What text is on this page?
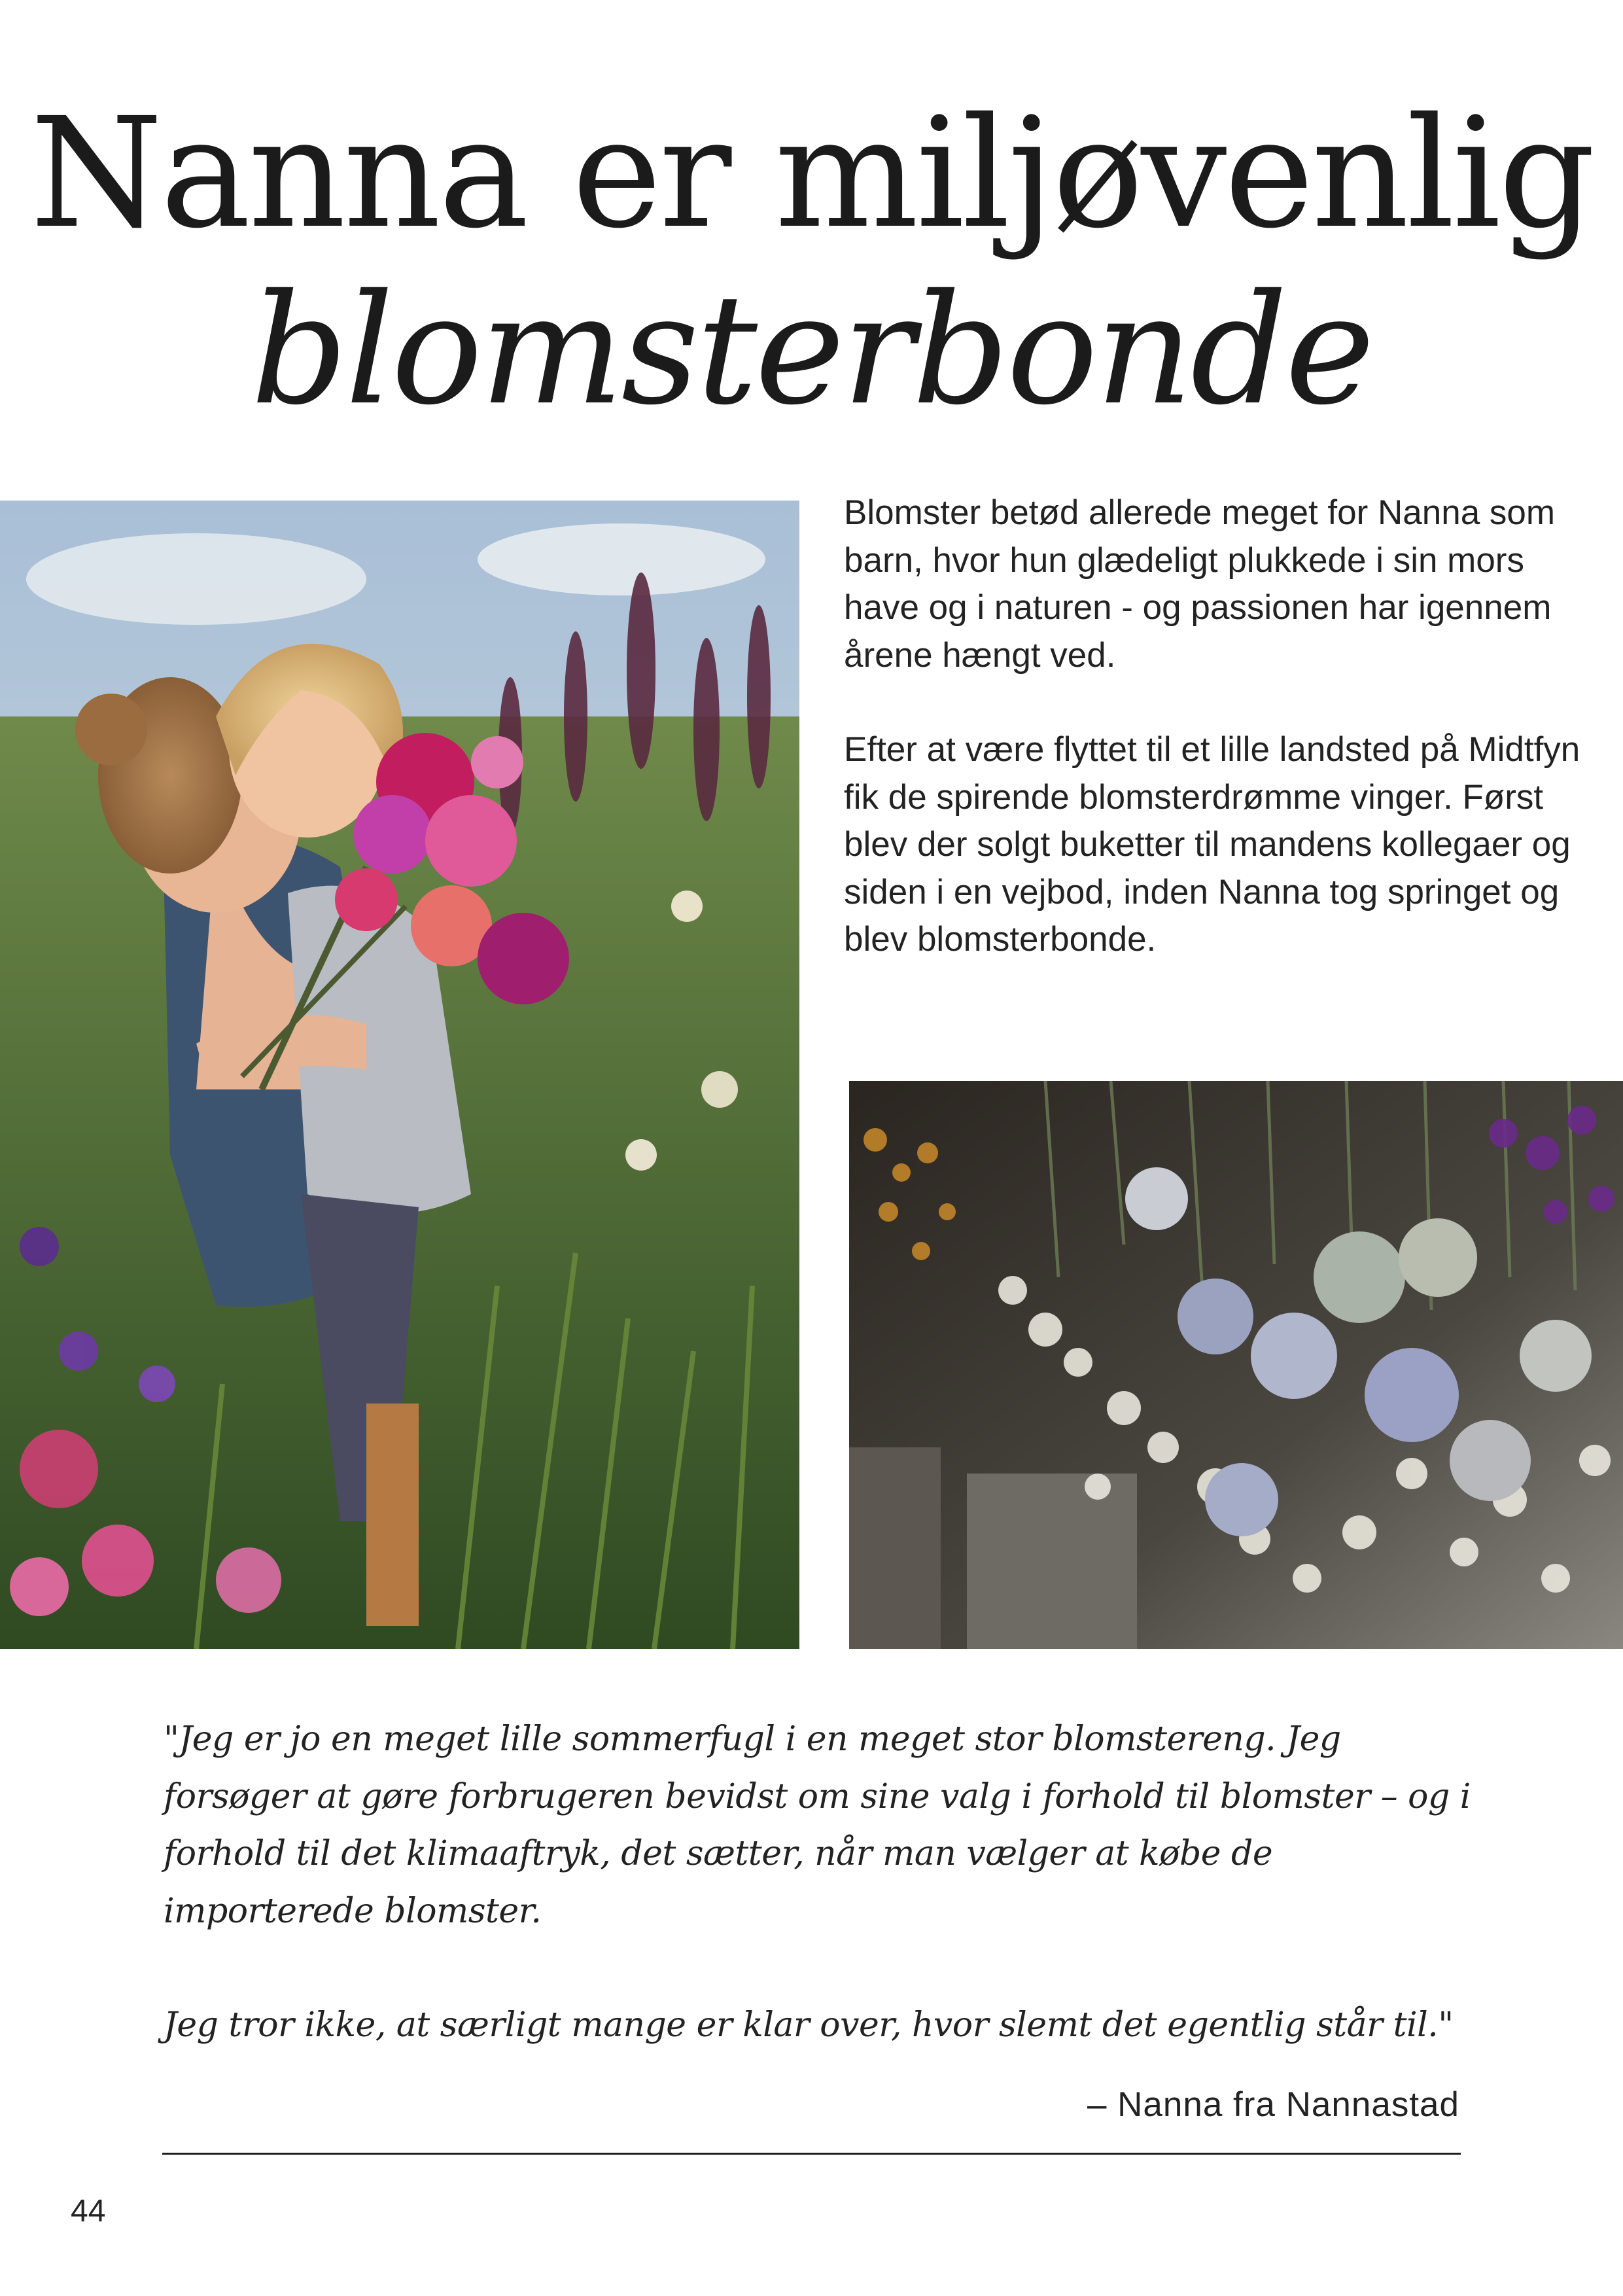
Nanna er miljøvenlig
blomsterbonde

Blomster betød allerede meget for Nanna som barn, hvor hun glædeligt plukkede i sin mors have og i naturen - og passionen har igennem årene hængt ved.

Efter at være flyttet til et lille landsted på Midtfyn fik de spirende blomsterdrømme vinger. Først blev der solgt buketter til mandens kollegaer og siden i en vejbod, inden Nanna tog springet og blev blomsterbonde.

"Jeg er jo en meget lille sommerfugl i en meget stor blomstereng. Jeg forsøger at gøre forbrugeren bevidst om sine valg i forhold til blomster – og i forhold til det klimaaftryk, det sætter, når man vælger at købe de importerede blomster.

Jeg tror ikke, at særligt mange er klar over, hvor slemt det egentlig står til."

– Nanna fra Nannastad
44
